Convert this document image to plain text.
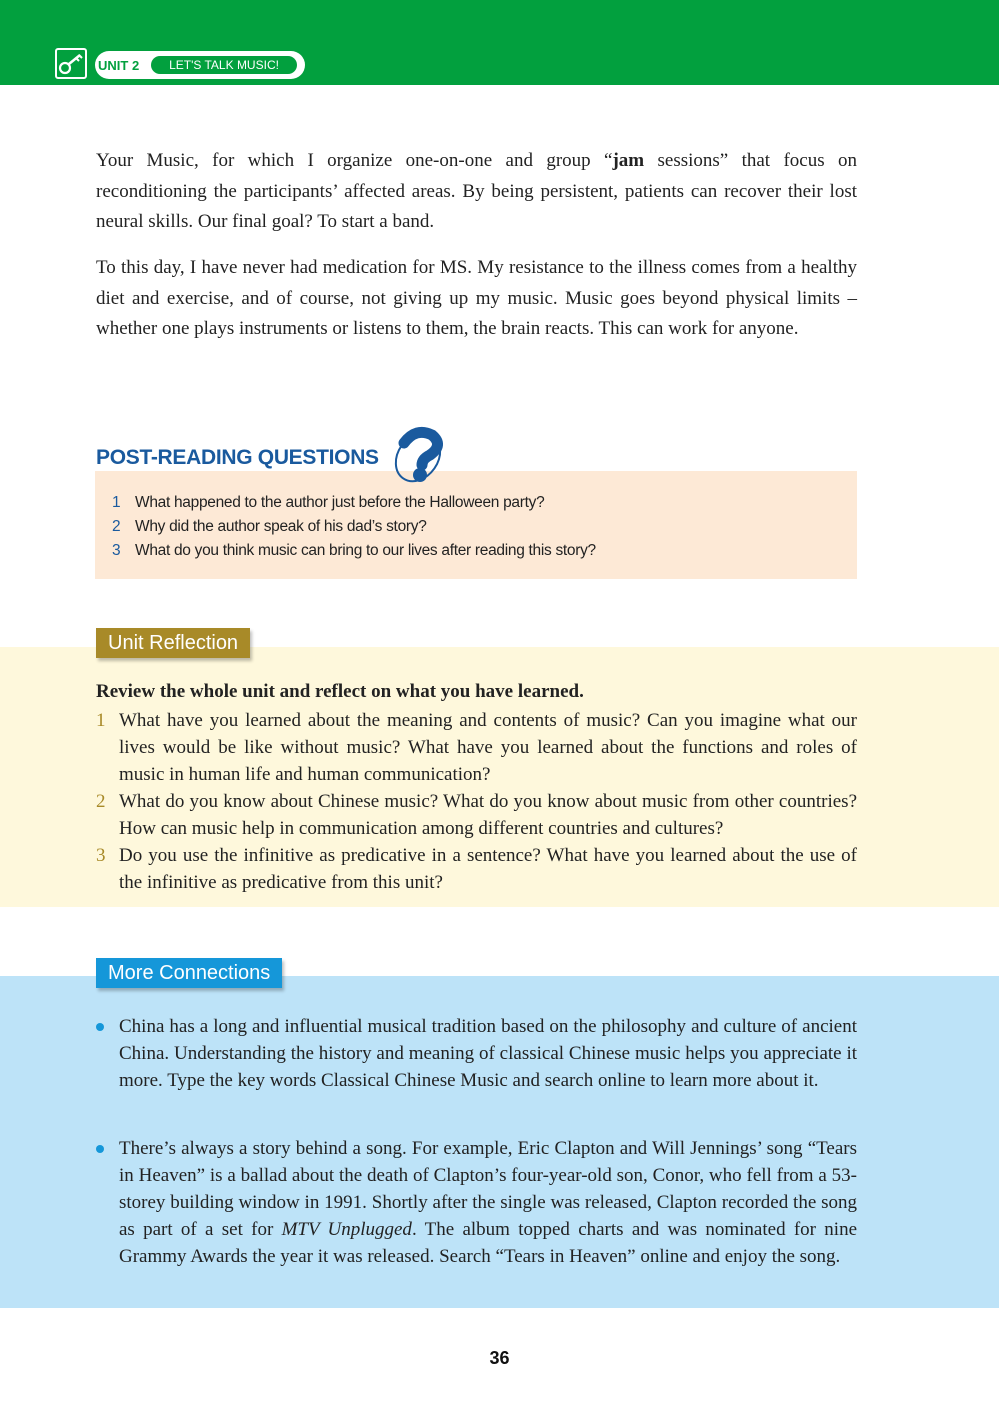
UNIT 2	LET'S TALK MUSIC!

Your Music, for which I organize one-on-one and group “jam sessions” that focus on reconditioning the participants’ affected areas. By being persistent, patients can recover their lost neural skills. Our final goal? To start a band.

To this day, I have never had medication for MS. My resistance to the illness comes from a healthy diet and exercise, and of course, not giving up my music. Music goes beyond physical limits – whether one plays instruments or listens to them, the brain reacts. This can work for anyone.

POST-READING QUESTIONS
1 What happened to the author just before the Halloween party?
2 Why did the author speak of his dad’s story?
3 What do you think music can bring to our lives after reading this story?
Unit Reflection
Review the whole unit and reflect on what you have learned.
1 What have you learned about the meaning and contents of music? Can you imagine what our lives would be like without music? What have you learned about the functions and roles of music in human life and human communication?
2 What do you know about Chinese music? What do you know about music from other countries? How can music help in communication among different countries and cultures?
3 Do you use the infinitive as predicative in a sentence? What have you learned about the use of the infinitive as predicative from this unit?
More Connections
China has a long and influential musical tradition based on the philosophy and culture of ancient China. Understanding the history and meaning of classical Chinese music helps you appreciate it more. Type the key words Classical Chinese Music and search online to learn more about it.
There’s always a story behind a song. For example, Eric Clapton and Will Jennings’ song “Tears in Heaven” is a ballad about the death of Clapton’s four-year-old son, Conor, who fell from a 53-storey building window in 1991. Shortly after the single was released, Clapton recorded the song as part of a set for MTV Unplugged. The album topped charts and was nominated for nine Grammy Awards the year it was released. Search “Tears in Heaven” online and enjoy the song.
36
